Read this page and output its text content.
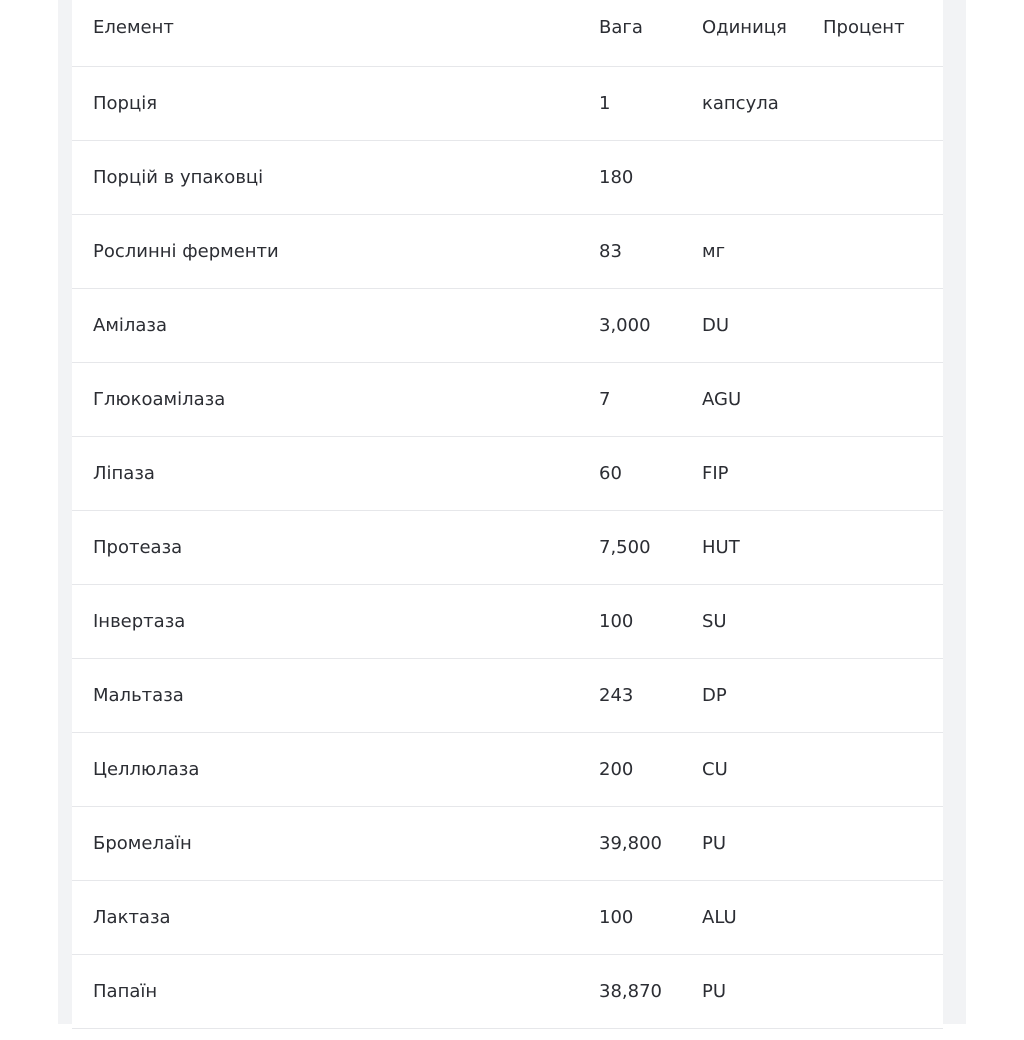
Елемент	Вага	Одиниця	Процент
Порція	1	капсула	
Порцій в упаковці	180		
Рослинні ферменти	83	мг	
Амілаза	3,000	DU	
Глюкоамілаза	7	AGU	
Ліпаза	60	FIP	
Протеаза	7,500	HUT	
Інвертаза	100	SU	
Мальтаза	243	DP	
Целлюлаза	200	CU	
Бромелаїн	39,800	PU	
Лактаза	100	ALU	
Папаїн	38,870	PU	
